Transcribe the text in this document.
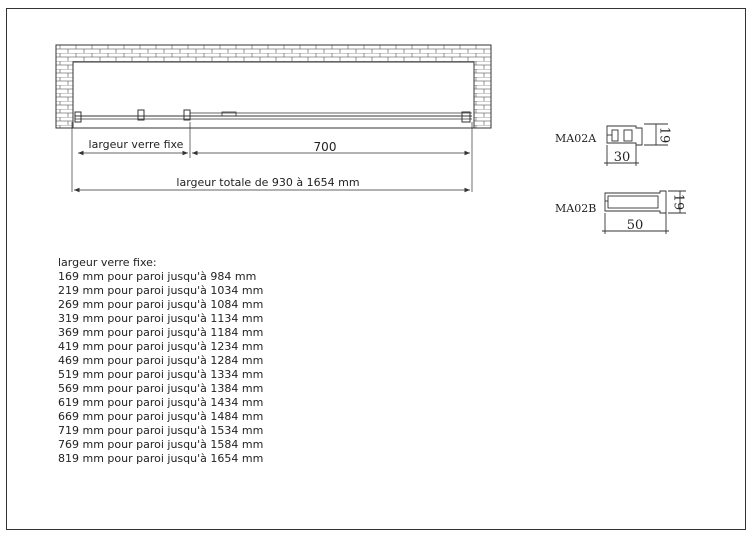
largeur verre fixe	700
largeur totale de 930 à 1654 mm
MA02A	19
30
MA02B	19
50
largeur verre fixe:
169 mm pour paroi jusqu'à 984 mm
219 mm pour paroi jusqu'à 1034 mm
269 mm pour paroi jusqu'à 1084 mm
319 mm pour paroi jusqu'à 1134 mm
369 mm pour paroi jusqu'à 1184 mm
419 mm pour paroi jusqu'à 1234 mm
469 mm pour paroi jusqu'à 1284 mm
519 mm pour paroi jusqu'à 1334 mm
569 mm pour paroi jusqu'à 1384 mm
619 mm pour paroi jusqu'à 1434 mm
669 mm pour paroi jusqu'à 1484 mm
719 mm pour paroi jusqu'à 1534 mm
769 mm pour paroi jusqu'à 1584 mm
819 mm pour paroi jusqu'à 1654 mm
